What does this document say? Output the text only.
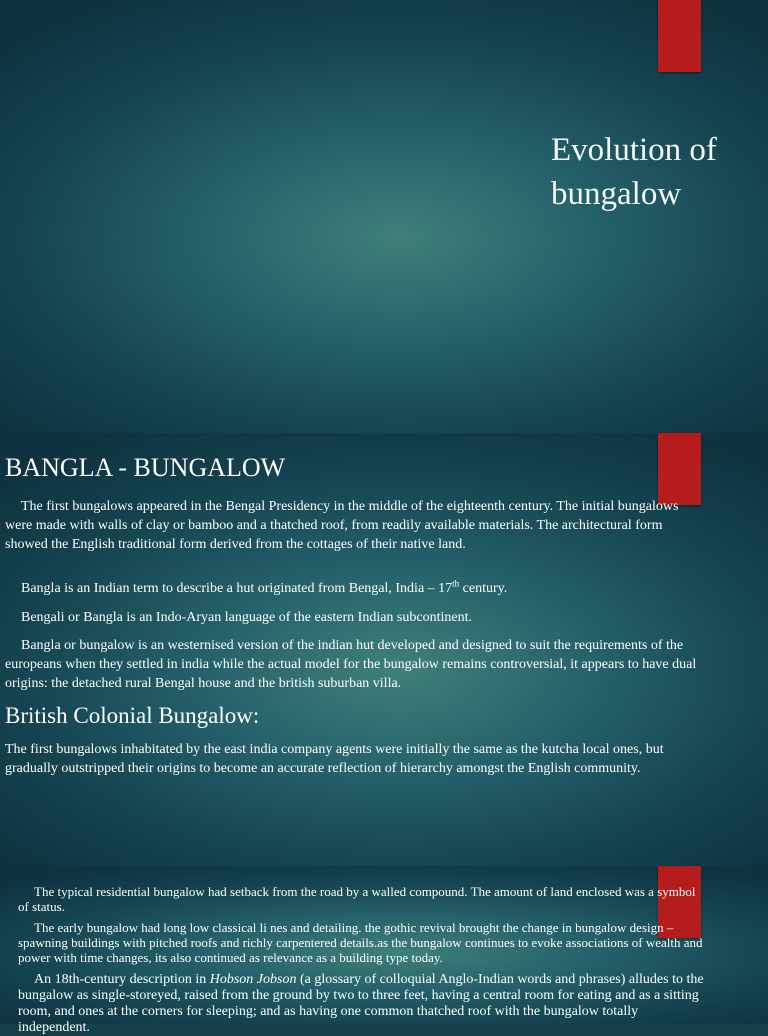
Evolution of
bungalow
BANGLA - BUNGALOW

The first bungalows appeared in the Bengal Presidency in the middle of the eighteenth century. The initial bungalows were made with walls of clay or bamboo and a thatched roof, from readily available materials. The architectural form showed the English traditional form derived from the cottages of their native land.

Bangla is an Indian term to describe a hut originated from Bengal, India – 17th century.

Bengali or Bangla is an Indo-Aryan language of the eastern Indian subcontinent.

Bangla or bungalow is an westernised version of the indian hut developed and designed to suit the requirements of the europeans when they settled in india while the actual model for the bungalow remains controversial, it appears to have dual origins: the detached rural Bengal house and the british suburban villa.

British Colonial Bungalow:

The first bungalows inhabitated by the east india company agents were initially the same as the kutcha local ones, but gradually outstripped their origins to become an accurate reflection of hierarchy amongst the English community.

The typical residential bungalow had setback from the road by a walled compound. The amount of land enclosed was a symbol of status.

The early bungalow had long low classical li nes and detailing. the gothic revival brought the change in bungalow design – spawning buildings with pitched roofs and richly carpentered details.as the bungalow continues to evoke associations of wealth and power with time changes, its also continued as relevance as a building type today.

An 18th-century description in Hobson Jobson (a glossary of colloquial Anglo-Indian words and phrases) alludes to the bungalow as single-storeyed, raised from the ground by two to three feet, having a central room for eating and as a sitting room, and ones at the corners for sleeping; and as having one common thatched roof with the bungalow totally independent.
